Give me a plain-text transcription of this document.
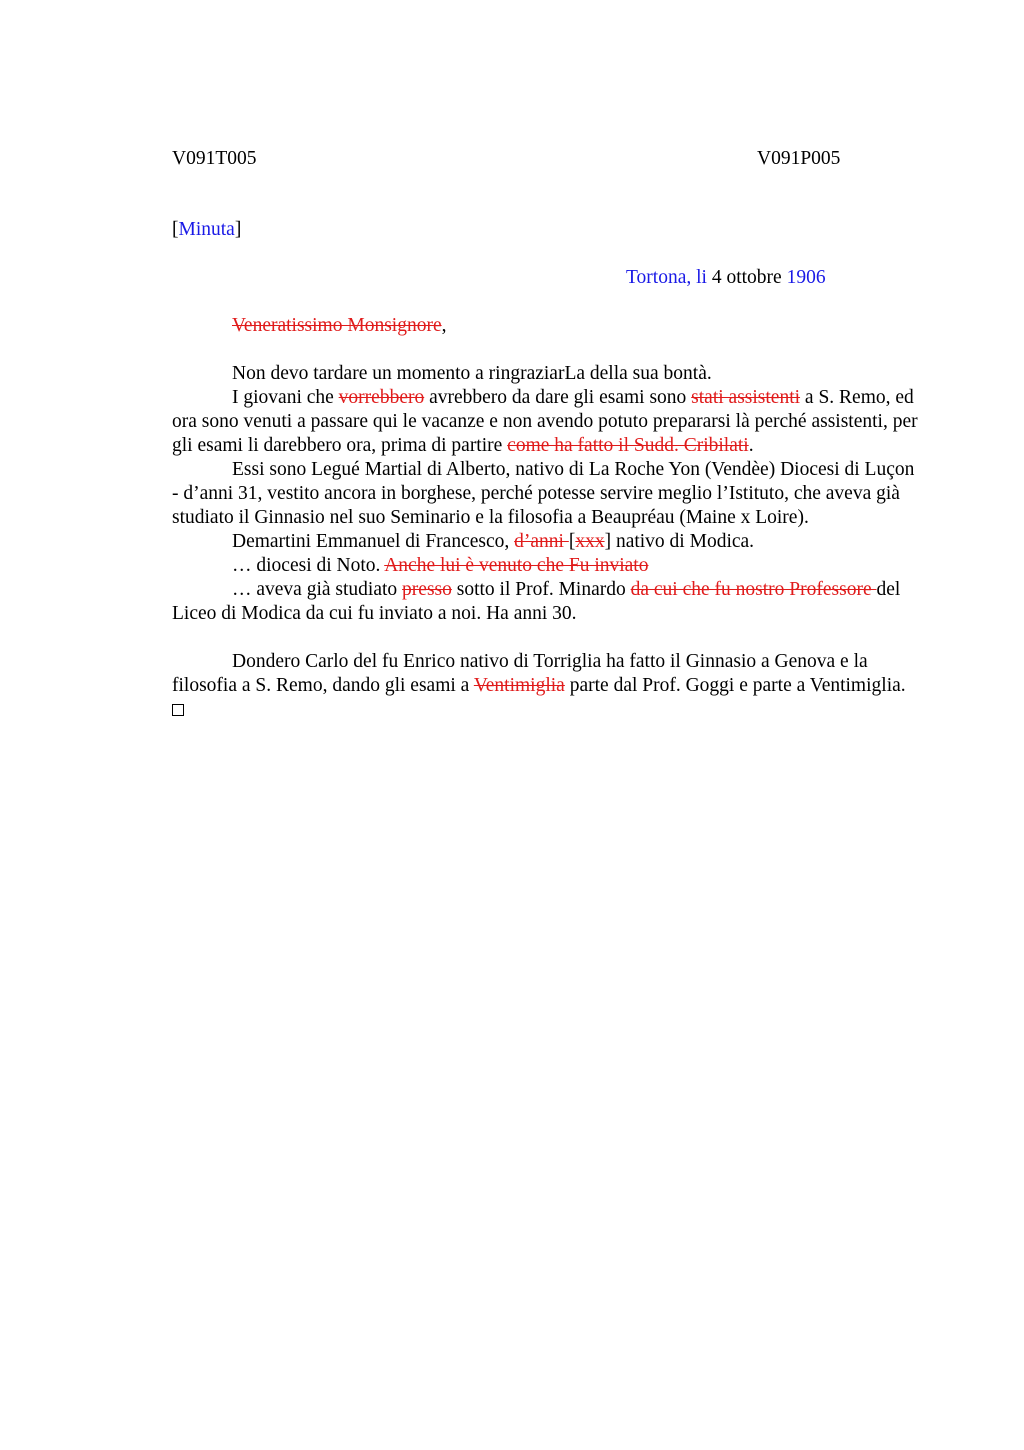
V091T005	V091P005
[Minuta]
Tortona, li 4 ottobre 1906
Veneratissimo Monsignore,
Non devo tardare un momento a ringraziarLa della sua bontà.
I giovani che vorrebbero avrebbero da dare gli esami sono stati assistenti a S. Remo, ed ora sono venuti a passare qui le vacanze e non avendo potuto prepararsi là perché assistenti, per gli esami li darebbero ora, prima di partire come ha fatto il Sudd. Cribilati.
Essi sono Legué Martial di Alberto, nativo di La Roche Yon (Vendèe) Diocesi di Luçon - d’anni 31, vestito ancora in borghese, perché potesse servire meglio l’Istituto, che aveva già studiato il Ginnasio nel suo Seminario e la filosofia a Beaupréau (Maine x Loire).
Demartini Emmanuel di Francesco, d’anni [xxx] nativo di Modica.
… diocesi di Noto. Anche lui è venuto che Fu inviato
… aveva già studiato presso sotto il Prof. Minardo da cui che fu nostro Professore del Liceo di Modica da cui fu inviato a noi. Ha anni 30.
Dondero Carlo del fu Enrico nativo di Torriglia ha fatto il Ginnasio a Genova e la filosofia a S. Remo, dando gli esami a Ventimiglia parte dal Prof. Goggi e parte a Ventimiglia.
